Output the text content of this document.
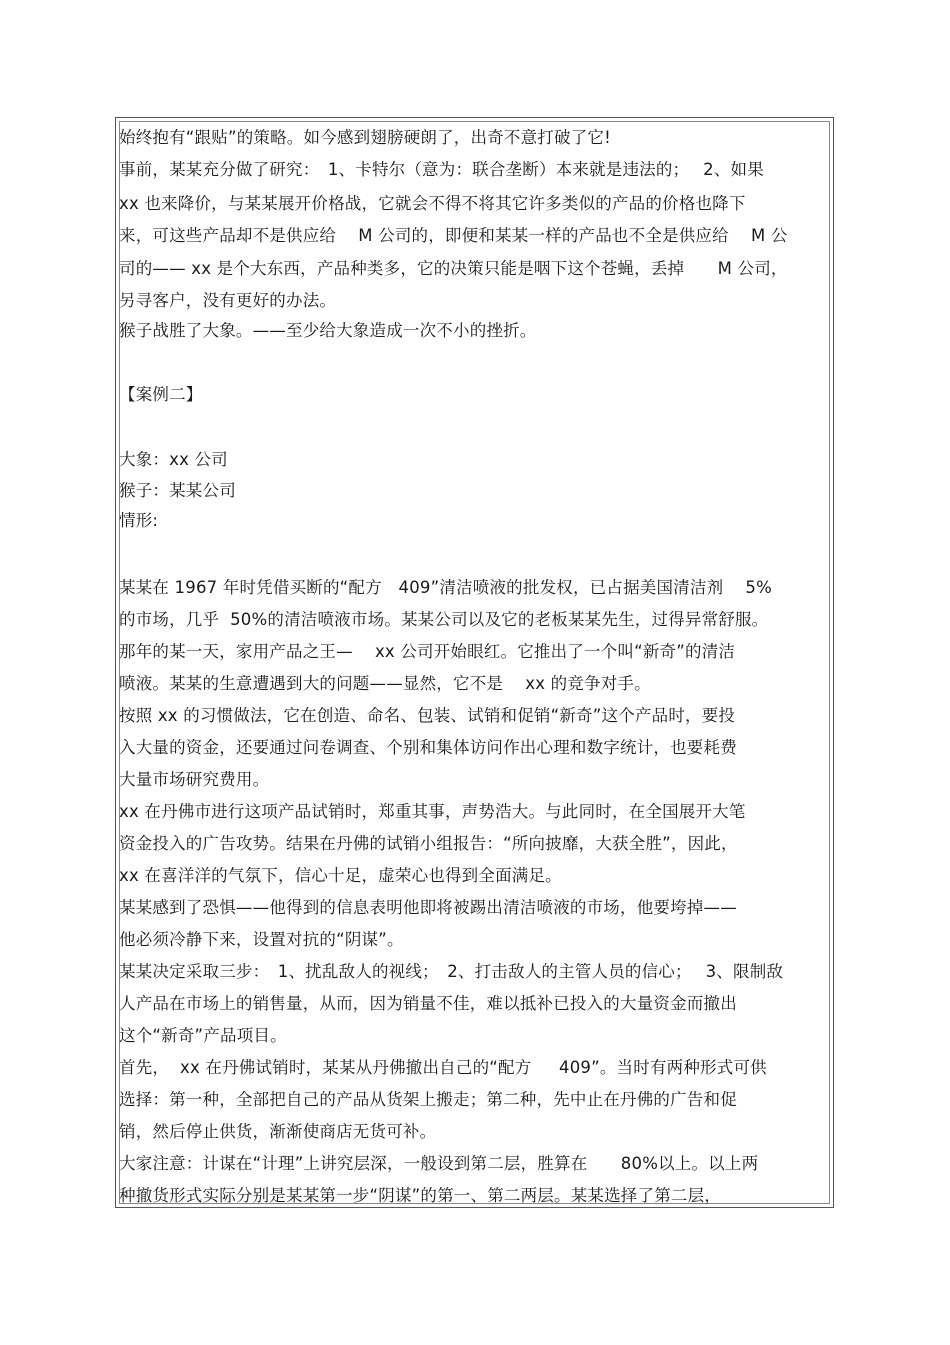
始终抱有“跟贴”的策略。如今感到翅膀硬朗了，出奇不意打破了它!
事前，某某充分做了研究：　1、卡特尔（意为：联合垄断）本来就是违法的；　 2、如果
xx 也来降价，与某某展开价格战，它就会不得不将其它许多类似的产品的价格也降下
来，可这些产品却不是供应给　 M 公司的，即便和某某一样的产品也不全是供应给　 M 公
司的—— xx 是个大东西，产品种类多，它的决策只能是咽下这个苍蝇，丢掉　　M 公司，
另寻客户，没有更好的办法。
猴子战胜了大象。——至少给大象造成一次不小的挫折。
【案例二】
大象：xx 公司
猴子：某某公司
情形:
某某在 1967 年时凭借买断的“配方　409”清洁喷液的批发权，已占据美国清洁剂　 5%
的市场，几乎  50%的清洁喷液市场。某某公司以及它的老板某某先生，过得异常舒服。
那年的某一天，家用产品之王—　 xx 公司开始眼红。它推出了一个叫“新奇”的清洁
喷液。某某的生意遭遇到大的问题——显然，它不是　 xx 的竞争对手。
按照 xx 的习惯做法，它在创造、命名、包装、试销和促销“新奇”这个产品时，要投
入大量的资金，还要通过问卷调查、个别和集体访问作出心理和数字统计，也要耗费
大量市场研究费用。
xx 在丹佛市进行这项产品试销时，郑重其事，声势浩大。与此同时，在全国展开大笔
资金投入的广告攻势。结果在丹佛的试销小组报告：“所向披靡，大获全胜”，因此，
xx 在喜洋洋的气氛下，信心十足，虚荣心也得到全面满足。
某某感到了恐惧——他得到的信息表明他即将被踢出清洁喷液的市场，他要垮掉——
他必须冷静下来，设置对抗的“阴谋”。
某某决定采取三步：　1、扰乱敌人的视线；　2、打击敌人的主管人员的信心；　 3、限制敌
人产品在市场上的销售量，从而，因为销量不佳，难以抵补已投入的大量资金而撤出
这个“新奇”产品项目。
首先，  xx 在丹佛试销时，某某从丹佛撤出自己的“配方　  409”。当时有两种形式可供
选择：第一种，全部把自己的产品从货架上搬走；第二种，先中止在丹佛的广告和促
销，然后停止供货，渐渐使商店无货可补。
大家注意：计谋在“计理”上讲究层深，一般设到第二层，胜算在　　80%以上。以上两
种撤货形式实际分别是某某第一步“阴谋”的第一、第二两层。某某选择了第二层，
